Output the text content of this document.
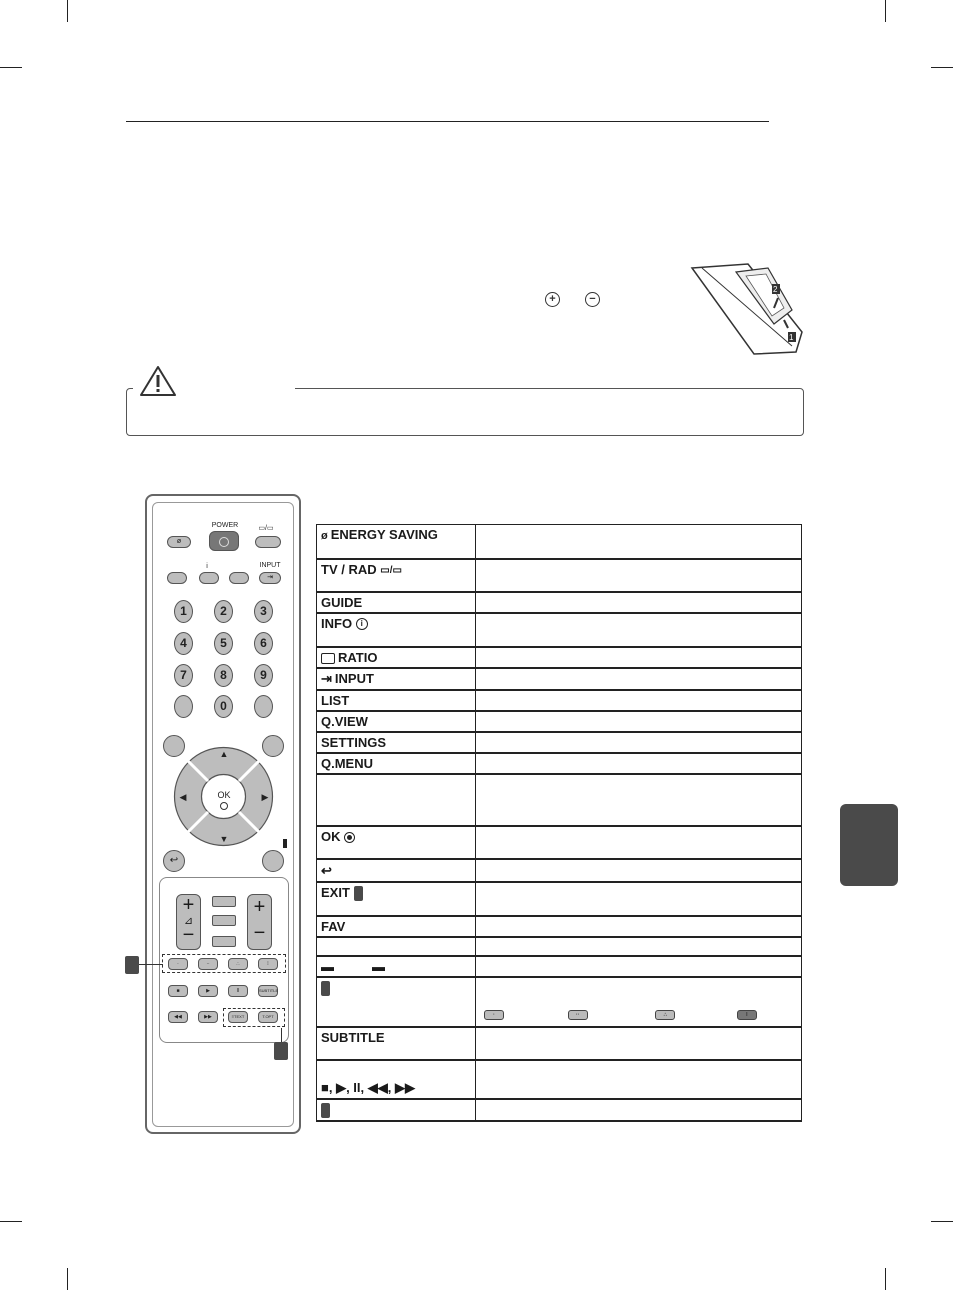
+	−
2
1
POWER
ø
▭/▭
i	INPUT
⇥
1	2	3
4	5	6
7	8	9
0
▲
▼
◀	▶
OK
↩
+
⊿
−
+
−
·	··	∴	⁞
■	▶	II	SUBTITLE
◀◀	▶▶	≡TEXT	T.OPT
ø ENERGY SAVING	
TV / RAD ▭/▭	
GUIDE	
INFO i	
RATIO	
⇥ INPUT	
LIST	
Q.VIEW	
SETTINGS	
Q.MENU	

OK

↩	
EXIT	
FAV	

▬ ▬	
	· ·· ∴ ⁞
SUBTITLE	
■, ▶, II, ◀◀, ▶▶	
